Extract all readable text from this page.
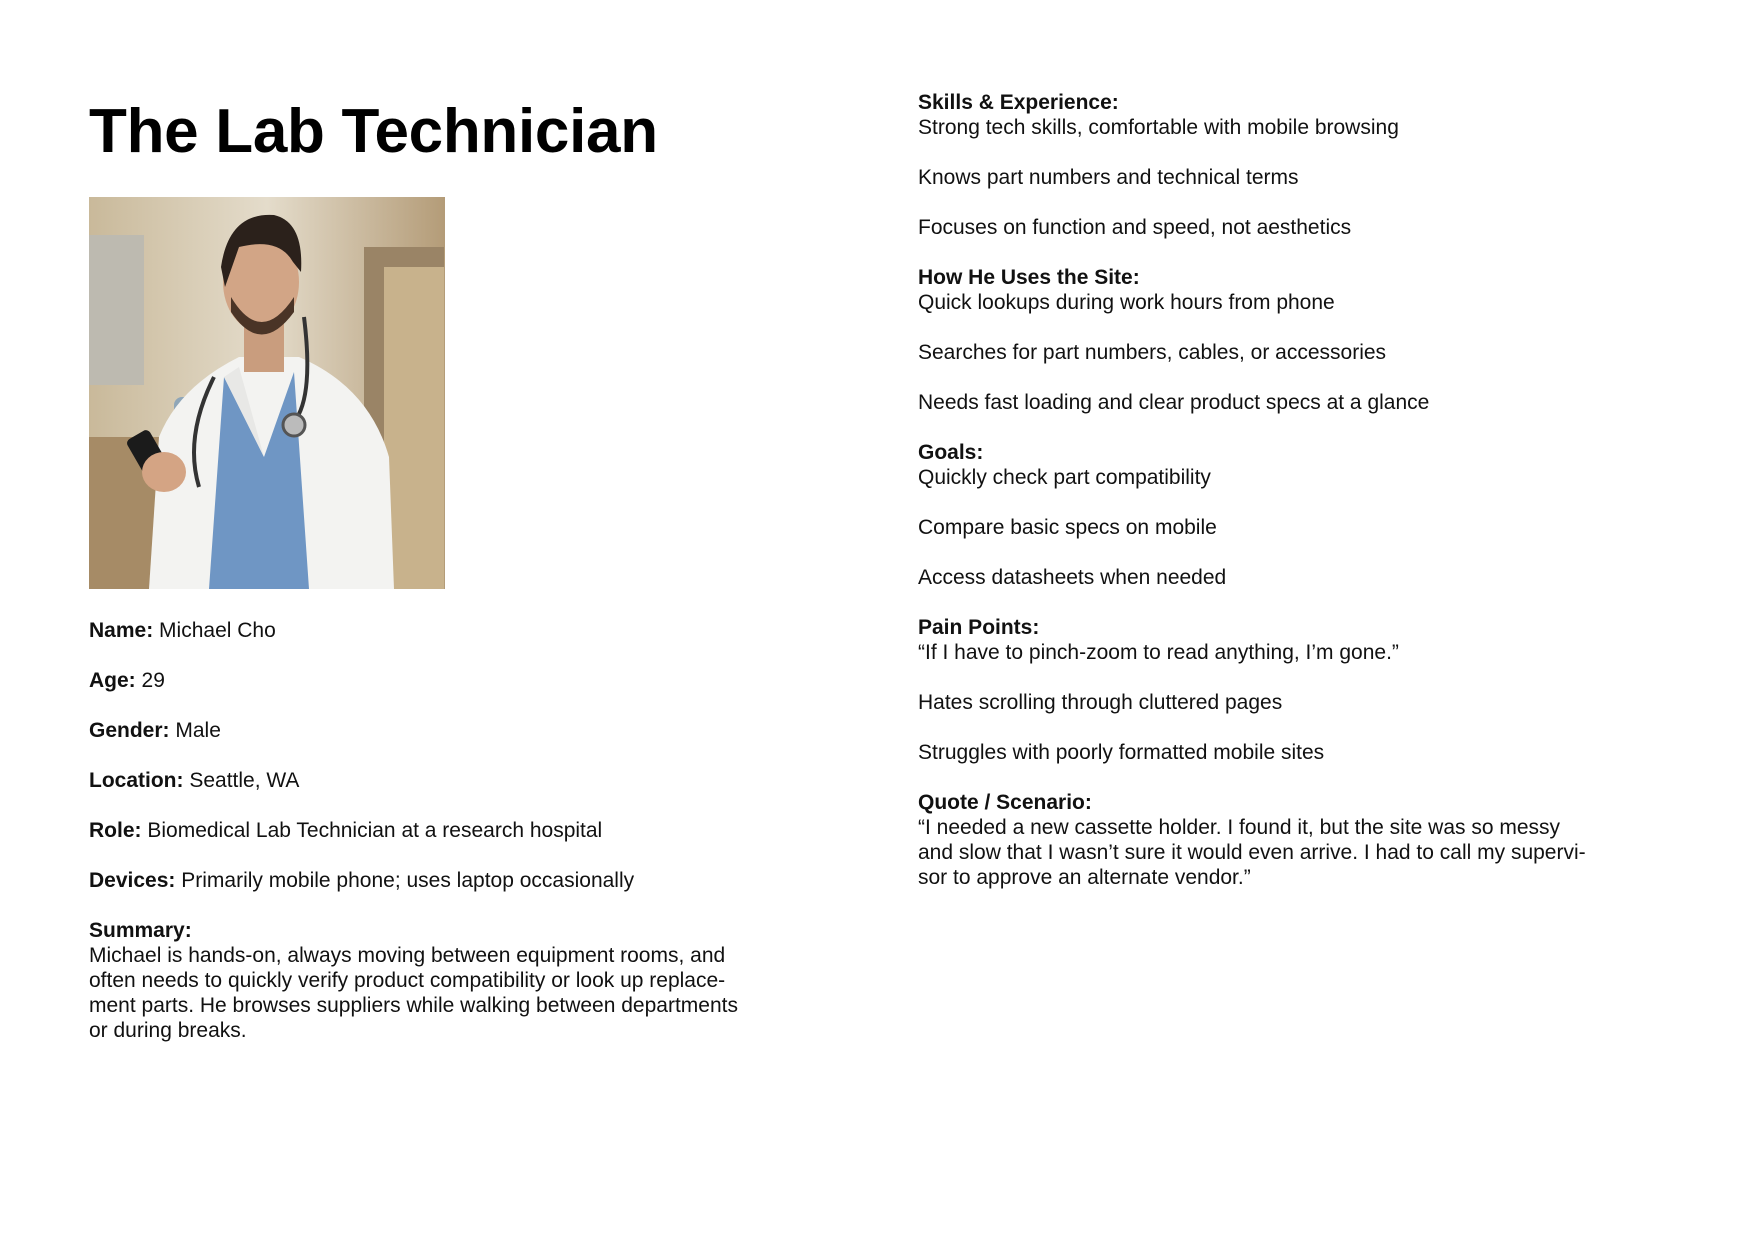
The Lab Technician

Name: Michael Cho

Age: 29

Gender: Male

Location: Seattle, WA

Role: Biomedical Lab Technician at a research hospital

Devices: Primarily mobile phone; uses laptop occasionally

Summary:
Michael is hands-on, always moving between equipment rooms, and
often needs to quickly verify product compatibility or look up replace-
ment parts. He browses suppliers while walking between departments
or during breaks.

Skills & Experience:
Strong tech skills, comfortable with mobile browsing

Knows part numbers and technical terms

Focuses on function and speed, not aesthetics

How He Uses the Site:
Quick lookups during work hours from phone

Searches for part numbers, cables, or accessories

Needs fast loading and clear product specs at a glance

Goals:
Quickly check part compatibility

Compare basic specs on mobile

Access datasheets when needed

Pain Points:
“If I have to pinch-zoom to read anything, I’m gone.”

Hates scrolling through cluttered pages

Struggles with poorly formatted mobile sites

Quote / Scenario:
“I needed a new cassette holder. I found it, but the site was so messy
and slow that I wasn’t sure it would even arrive. I had to call my supervi-
sor to approve an alternate vendor.”
